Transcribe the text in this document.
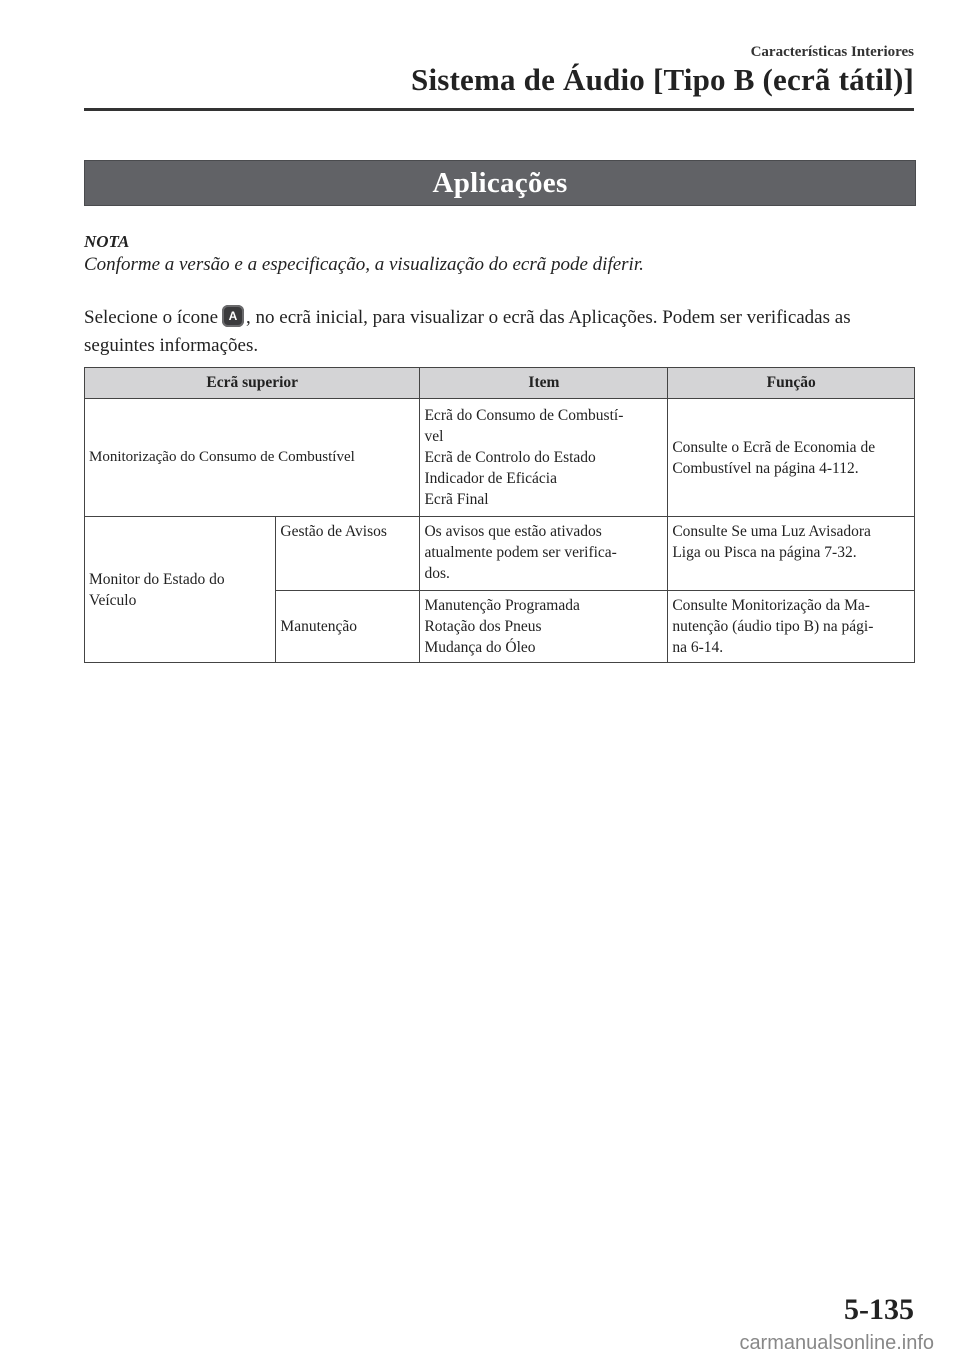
Características Interiores
Sistema de Áudio [Tipo B (ecrã tátil)]
Aplicações
NOTA
Conforme a versão e a especificação, a visualização do ecrã pode diferir.
Selecione o ícone A , no ecrã inicial, para visualizar o ecrã das Aplicações. Podem ser verificadas as seguintes informações.
Ecrã superior		Item	Função
Monitorização do Consumo de Combustível		Ecrã do Consumo de Combustí-
vel
Ecrã de Controlo do Estado
Indicador de Eficácia
Ecrã Final	Consulte o Ecrã de Economia de
Combustível na página 4-112.

Monitor do Estado do
Veículo	Gestão de Avisos	Os avisos que estão ativados
atualmente podem ser verifica-
dos.	Consulte Se uma Luz Avisadora
Liga ou Pisca na página 7-32.

	Manutenção	Manutenção Programada
Rotação dos Pneus
Mudança do Óleo	Consulte Monitorização da Ma-
nutenção (áudio tipo B) na pági-
na 6-14.
5-135
carmanualsonline.info
